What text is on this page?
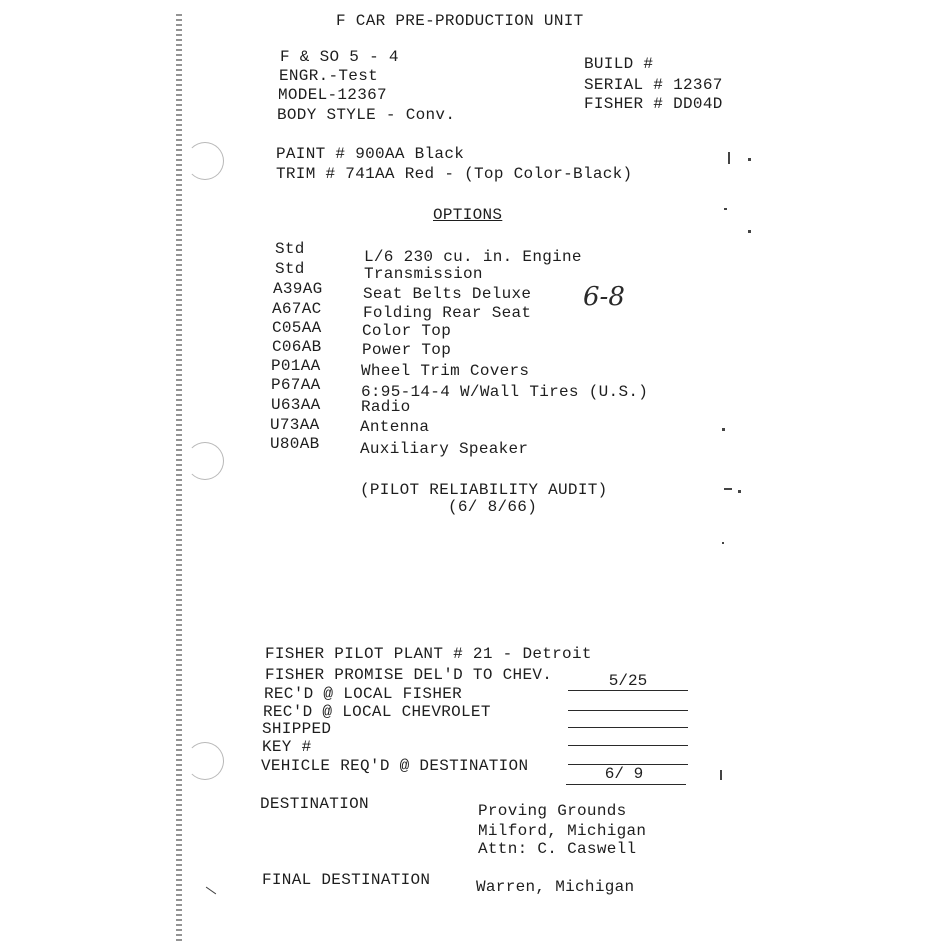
F CAR PRE-PRODUCTION UNIT
F & SO 5 - 4
ENGR.-Test
MODEL-12367
BODY STYLE - Conv.
BUILD #
SERIAL # 12367
FISHER # DD04D
PAINT # 900AA Black
TRIM # 741AA Red - (Top Color-Black)
OPTIONS
Std	L/6 230 cu. in. Engine
Std	Transmission
A39AG	Seat Belts Deluxe
A67AC	Folding Rear Seat
C05AA	Color Top
C06AB	Power Top
P01AA	Wheel Trim Covers
P67AA	6:95-14-4 W/Wall Tires (U.S.)
U63AA	Radio
U73AA	Antenna
U80AB	Auxiliary Speaker
6-8
(PILOT RELIABILITY AUDIT)
(6/ 8/66)
FISHER PILOT PLANT # 21 - Detroit
FISHER PROMISE DEL'D TO CHEV.	5/25
REC'D @ LOCAL FISHER
REC'D @ LOCAL CHEVROLET
SHIPPED
KEY #
VEHICLE REQ'D @ DESTINATION	6/ 9
DESTINATION	Proving Grounds
Milford, Michigan
Attn: C. Caswell
FINAL DESTINATION	Warren, Michigan
